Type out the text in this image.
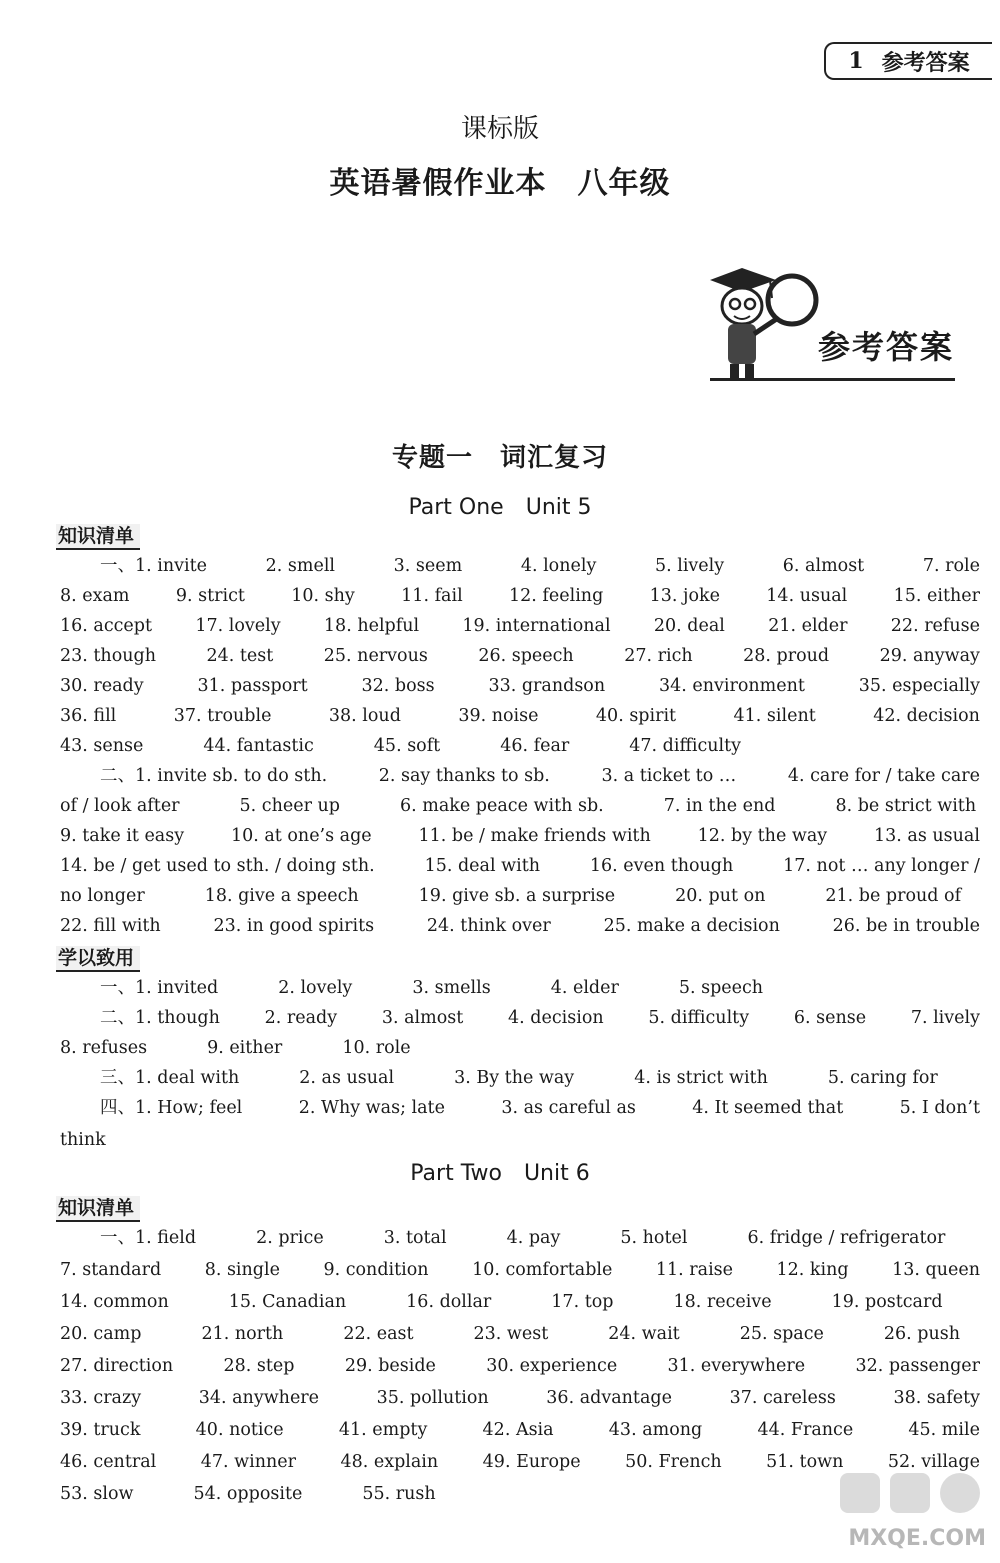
1 参考答案
课标版
英语暑假作业本　八年级
参考答案
专题一　词汇复习
Part One　Unit 5
知识清单
学以致用
Part Two　Unit 6
知识清单
一、1. invite	2. smell	3. seem	4. lonely	5. lively	6. almost	7. role
8. exam	9. strict	10. shy	11. fail	12. feeling	13. joke	14. usual	15. either
16. accept 17. lovely 18. helpful 19. international 20. deal 21. elder 22. refuse
23. though	24. test	25. nervous	26. speech	27. rich	28. proud	29. anyway
30. ready	31. passport	32. boss	33. grandson	34. environment	35. especially
36. fill	37. trouble	38. loud	39. noise	40. spirit	41. silent	42. decision
43. sense	44. fantastic	45. soft	46. fear	47. difficulty
二、1. invite sb. to do sth.	2. say thanks to sb.	3. a ticket to …	4. care for / take care
of / look after	5. cheer up	6. make peace with sb.	7. in the end	8. be strict with
9. take it easy	10. at one’s age	11. be / make friends with	12. by the way	13. as usual
14. be / get used to sth. / doing sth.	15. deal with	16. even though	17. not … any longer /
no longer	18. give a speech	19. give sb. a surprise	20. put on	21. be proud of
22. fill with	23. in good spirits	24. think over	25. make a decision	26. be in trouble
一、1. invited	2. lovely	3. smells	4. elder	5. speech
二、1. though	2. ready	3. almost	4. decision	5. difficulty	6. sense	7. lively
8. refuses	9. either	10. role
三、1. deal with	2. as usual	3. By the way	4. is strict with	5. caring for
四、1. How; feel	2. Why was; late	3. as careful as	4. It seemed that	5. I don’t
think
一、1. field	2. price	3. total	4. pay	5. hotel	6. fridge / refrigerator
7. standard 8. single 9. condition 10. comfortable 11. raise 12. king 13. queen
14. common	15. Canadian	16. dollar	17. top	18. receive	19. postcard
20. camp	21. north	22. east	23. west	24. wait	25. space	26. push
27. direction	28. step	29. beside	30. experience	31. everywhere	32. passenger
33. crazy	34. anywhere	35. pollution	36. advantage	37. careless	38. safety
39. truck	40. notice	41. empty	42. Asia	43. among	44. France	45. mile
46. central	47. winner	48. explain	49. Europe	50. French	51. town	52. village
53. slow	54. opposite	55. rush
MXQE.COM
